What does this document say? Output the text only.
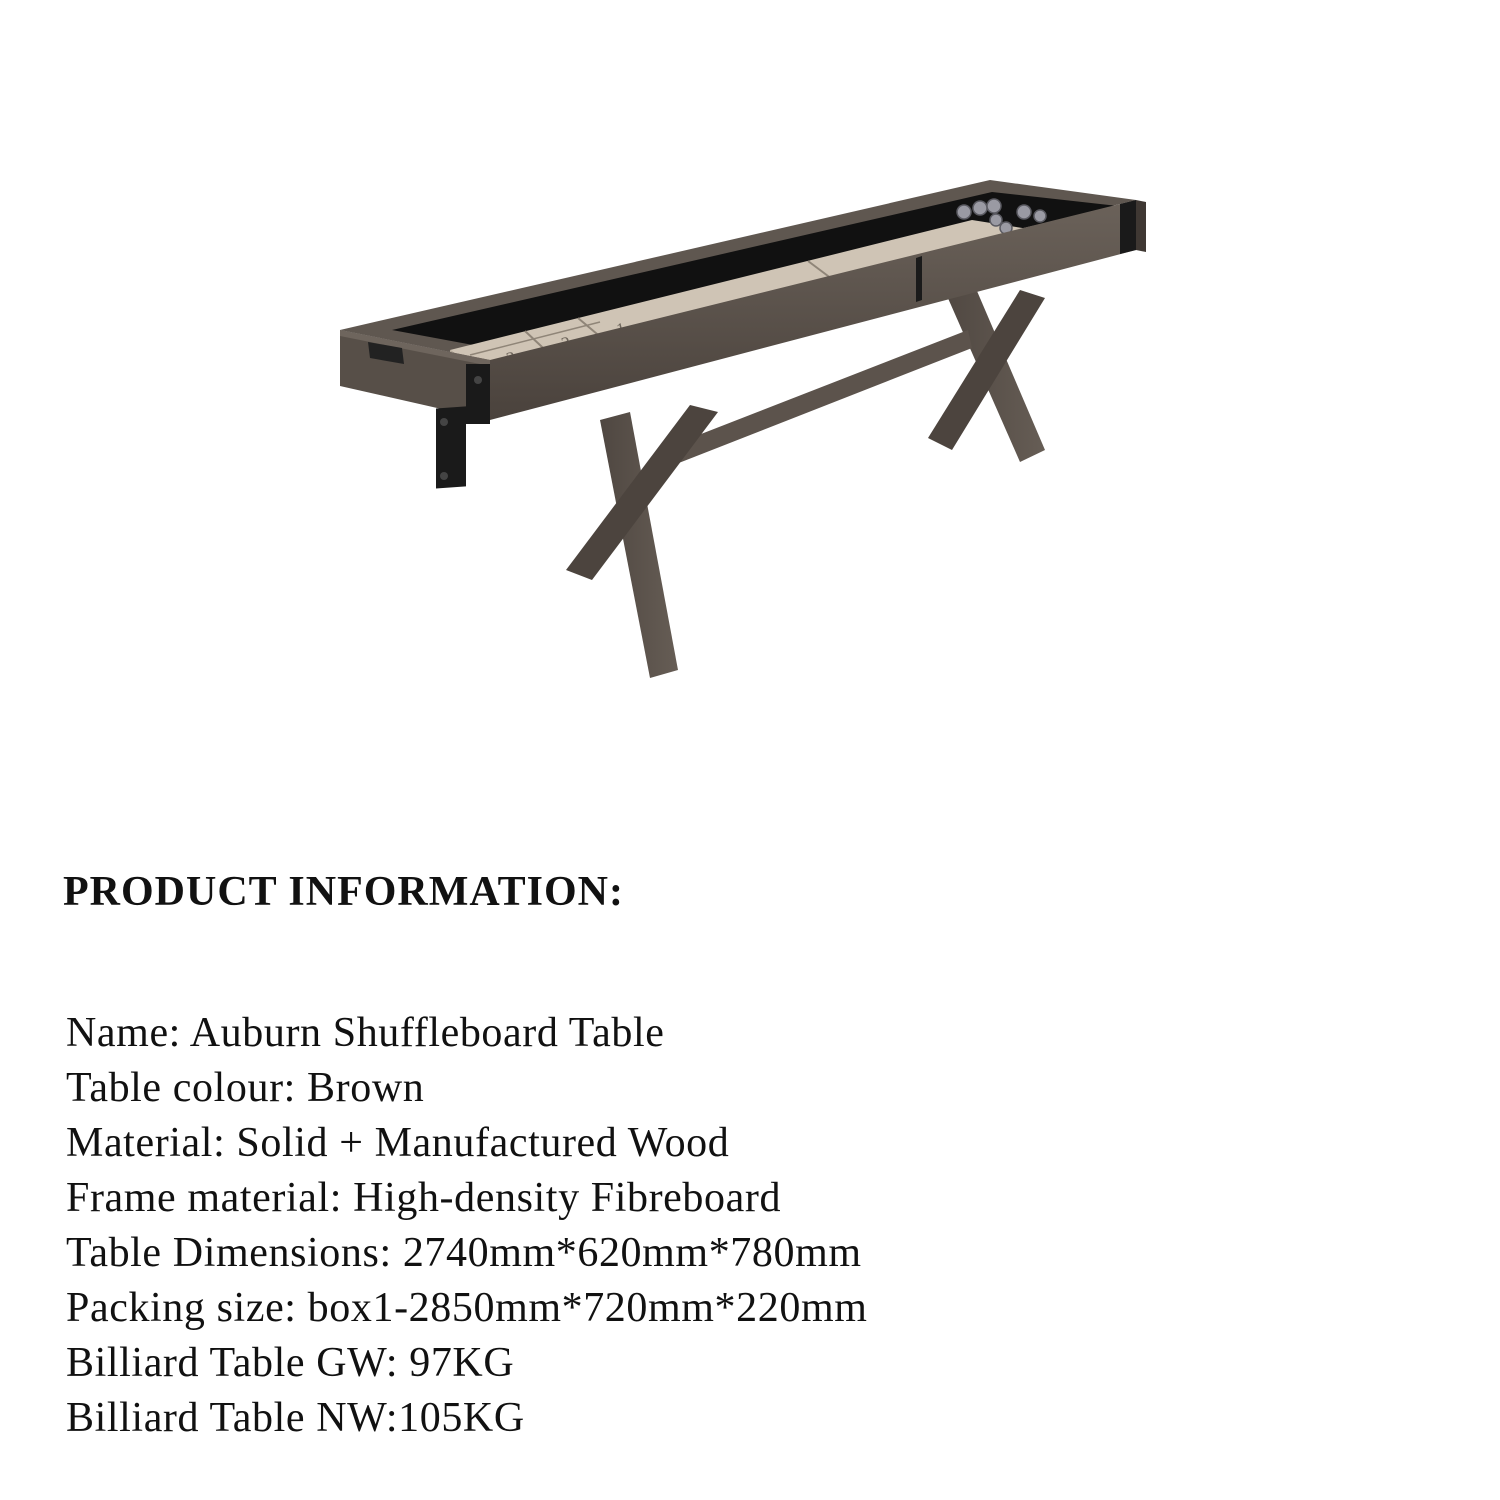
PRODUCT INFORMATION:
Name: Auburn Shuffleboard Table
Table colour: Brown
Material: Solid + Manufactured Wood
Frame material: High-density Fibreboard
Table Dimensions: 2740mm*620mm*780mm
Packing size: box1-2850mm*720mm*220mm
Billiard Table GW: 97KG
Billiard Table NW:105KG
